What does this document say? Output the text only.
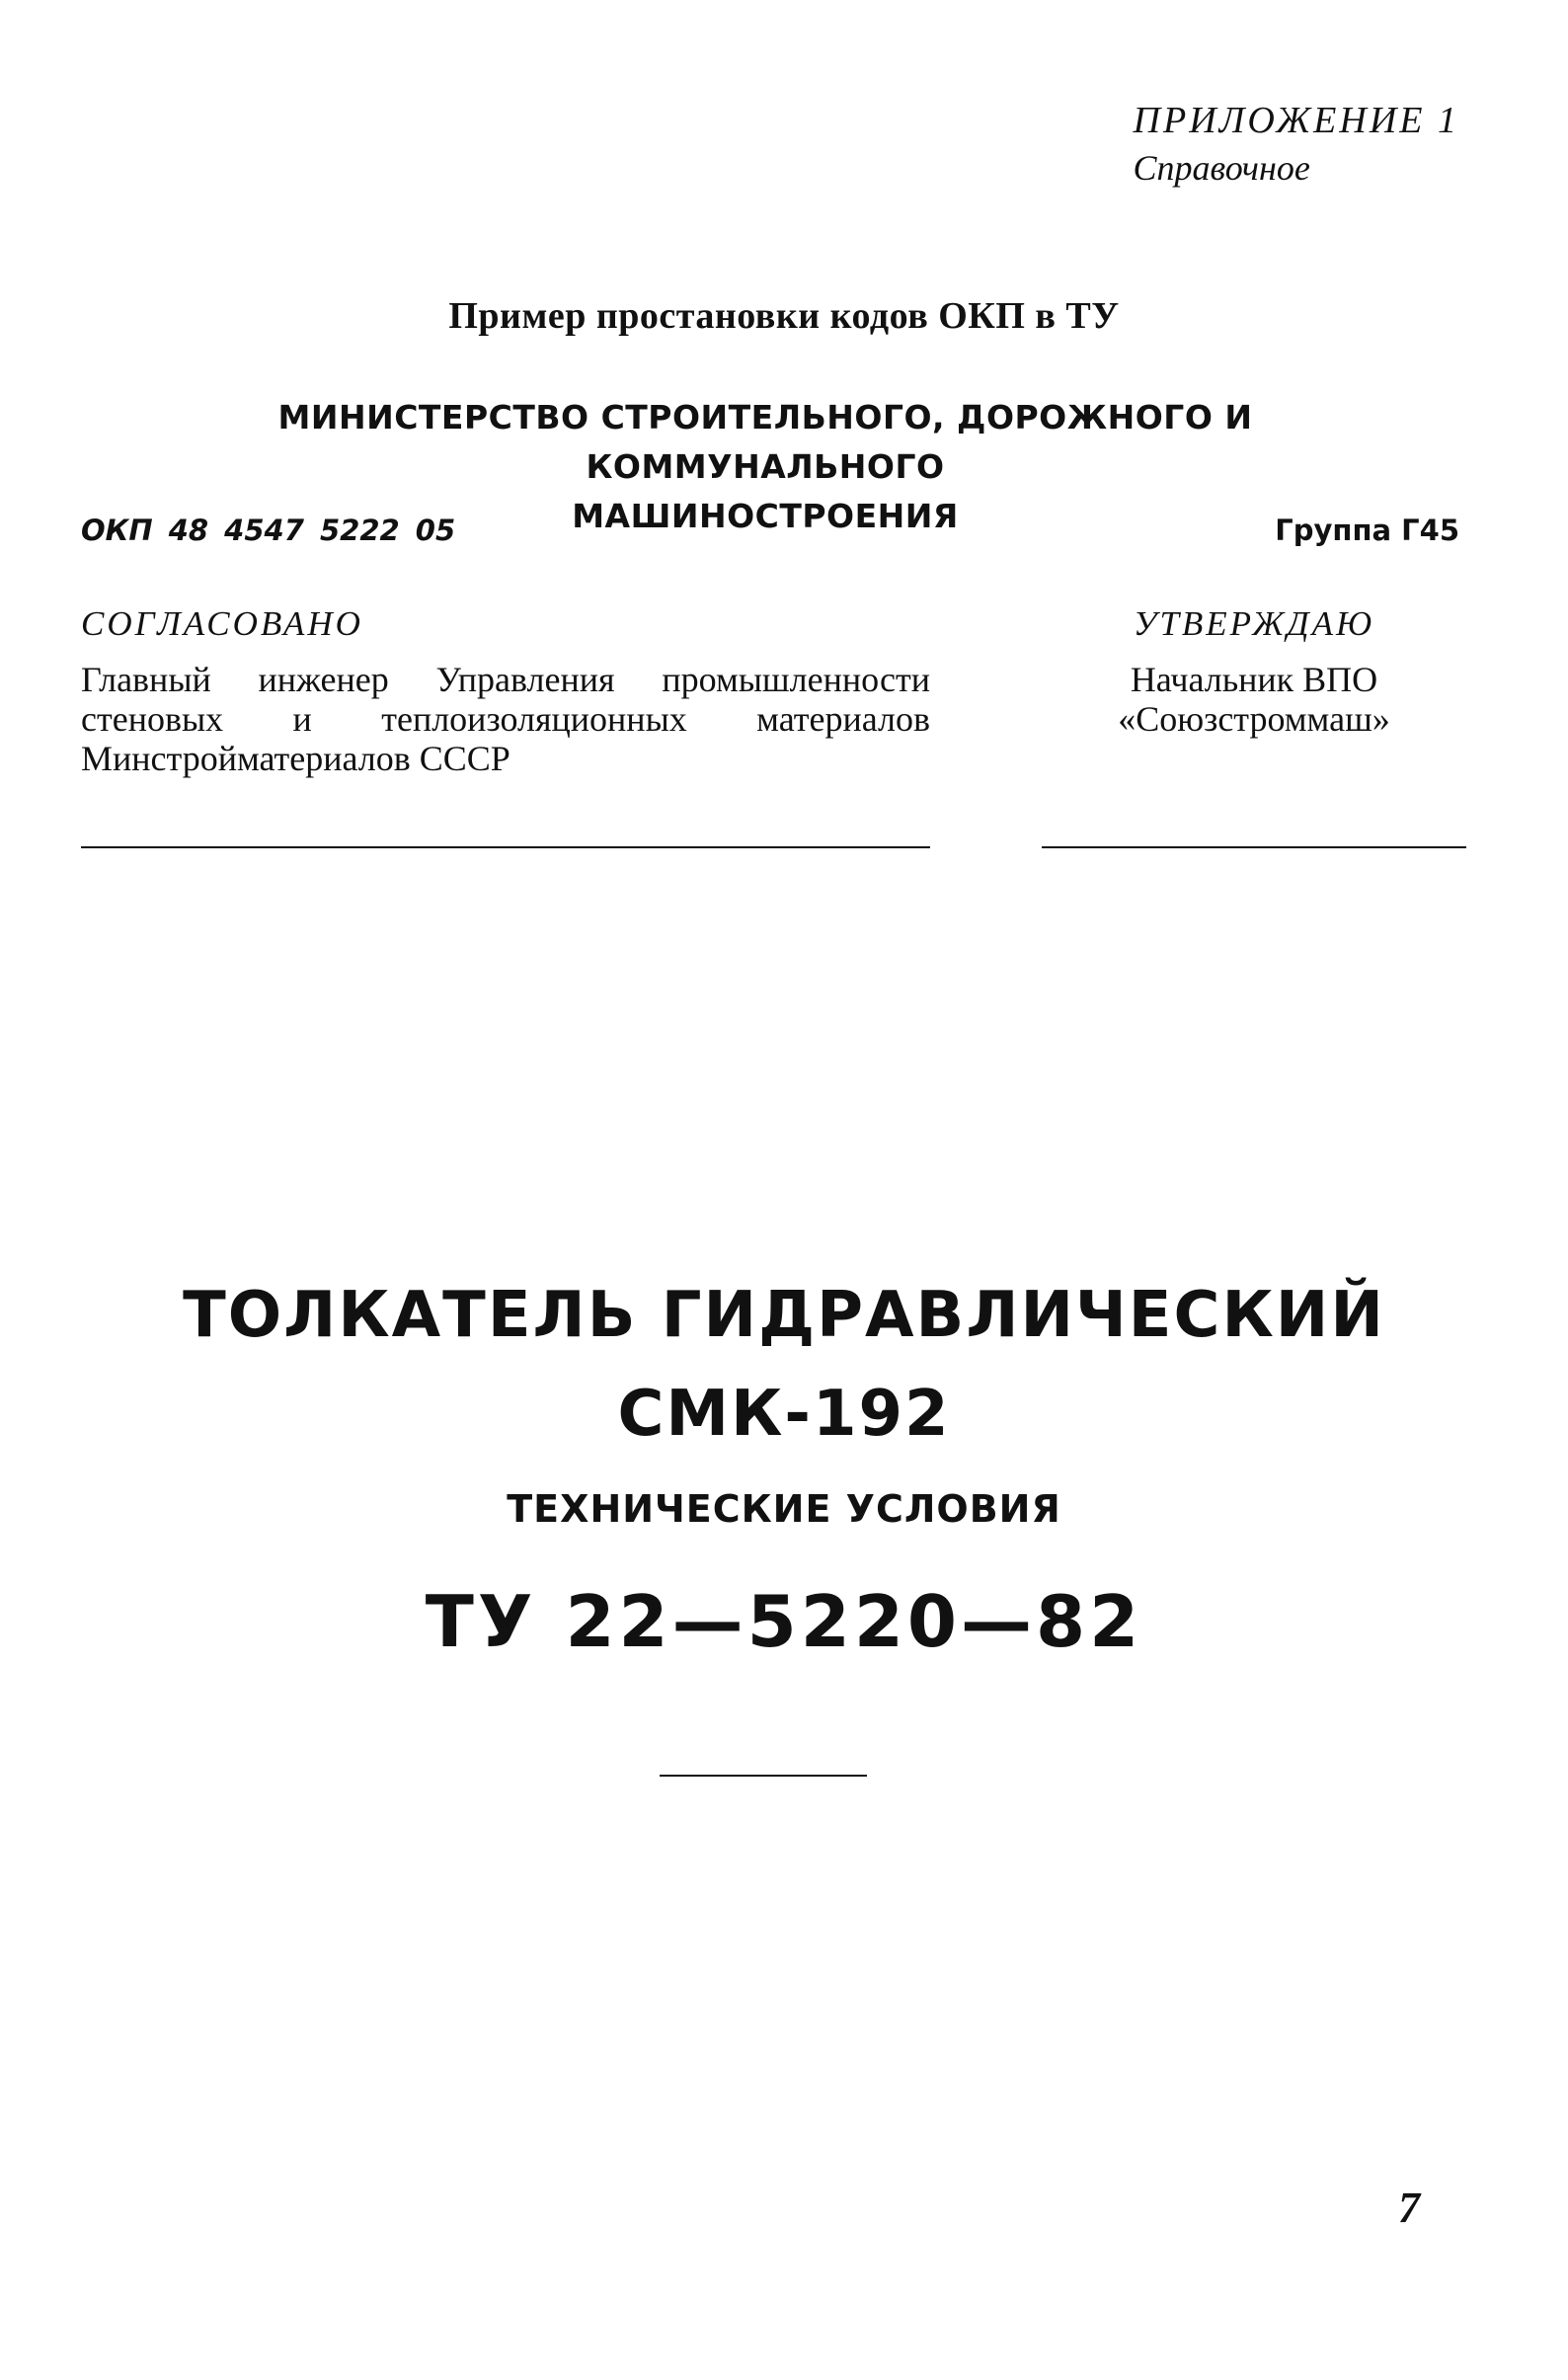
ПРИЛОЖЕНИЕ 1
Справочное
Пример простановки кодов ОКП в ТУ
МИНИСТЕРСТВО СТРОИТЕЛЬНОГО, ДОРОЖНОГО И КОММУНАЛЬНОГО
МАШИНОСТРОЕНИЯ
ОКП 48 4547 5222 05	Группа Г45
СОГЛАСОВАНО
Главный инженер Управления промышленности стеновых и теплоизоляционных материалов Минстройматериалов СССР
УТВЕРЖДАЮ
Начальник ВПО
«Союзстроммаш»
ТОЛКАТЕЛЬ ГИДРАВЛИЧЕСКИЙ
СМК-192
ТЕХНИЧЕСКИЕ УСЛОВИЯ
ТУ 22—5220—82
7
